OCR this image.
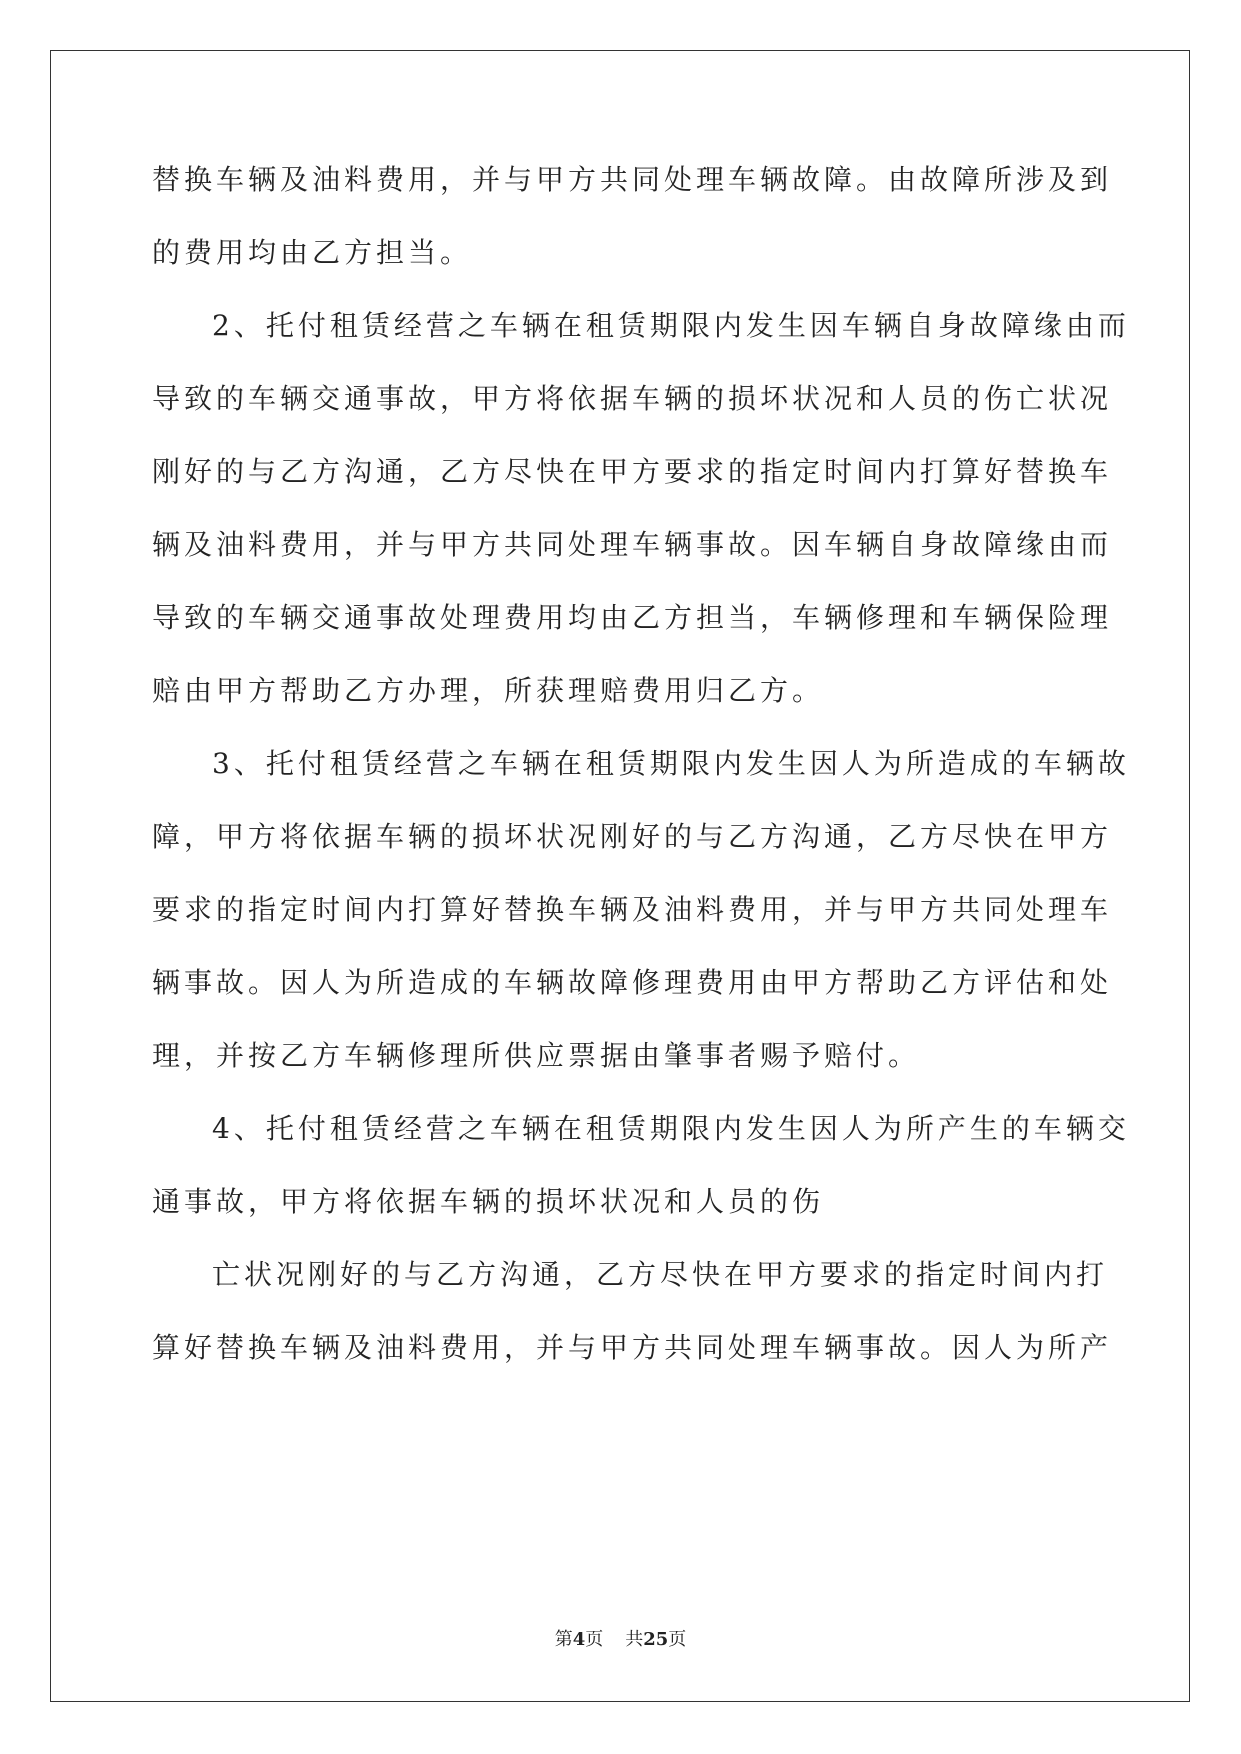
替换车辆及油料费用，并与甲方共同处理车辆故障。由故障所涉及到
的费用均由乙方担当。
2、托付租赁经营之车辆在租赁期限内发生因车辆自身故障缘由而
导致的车辆交通事故，甲方将依据车辆的损坏状况和人员的伤亡状况
刚好的与乙方沟通，乙方尽快在甲方要求的指定时间内打算好替换车
辆及油料费用，并与甲方共同处理车辆事故。因车辆自身故障缘由而
导致的车辆交通事故处理费用均由乙方担当，车辆修理和车辆保险理
赔由甲方帮助乙方办理，所获理赔费用归乙方。
3、托付租赁经营之车辆在租赁期限内发生因人为所造成的车辆故
障，甲方将依据车辆的损坏状况刚好的与乙方沟通，乙方尽快在甲方
要求的指定时间内打算好替换车辆及油料费用，并与甲方共同处理车
辆事故。因人为所造成的车辆故障修理费用由甲方帮助乙方评估和处
理，并按乙方车辆修理所供应票据由肇事者赐予赔付。
4、托付租赁经营之车辆在租赁期限内发生因人为所产生的车辆交
通事故，甲方将依据车辆的损坏状况和人员的伤
亡状况刚好的与乙方沟通，乙方尽快在甲方要求的指定时间内打
算好替换车辆及油料费用，并与甲方共同处理车辆事故。因人为所产
第4页 共25页
